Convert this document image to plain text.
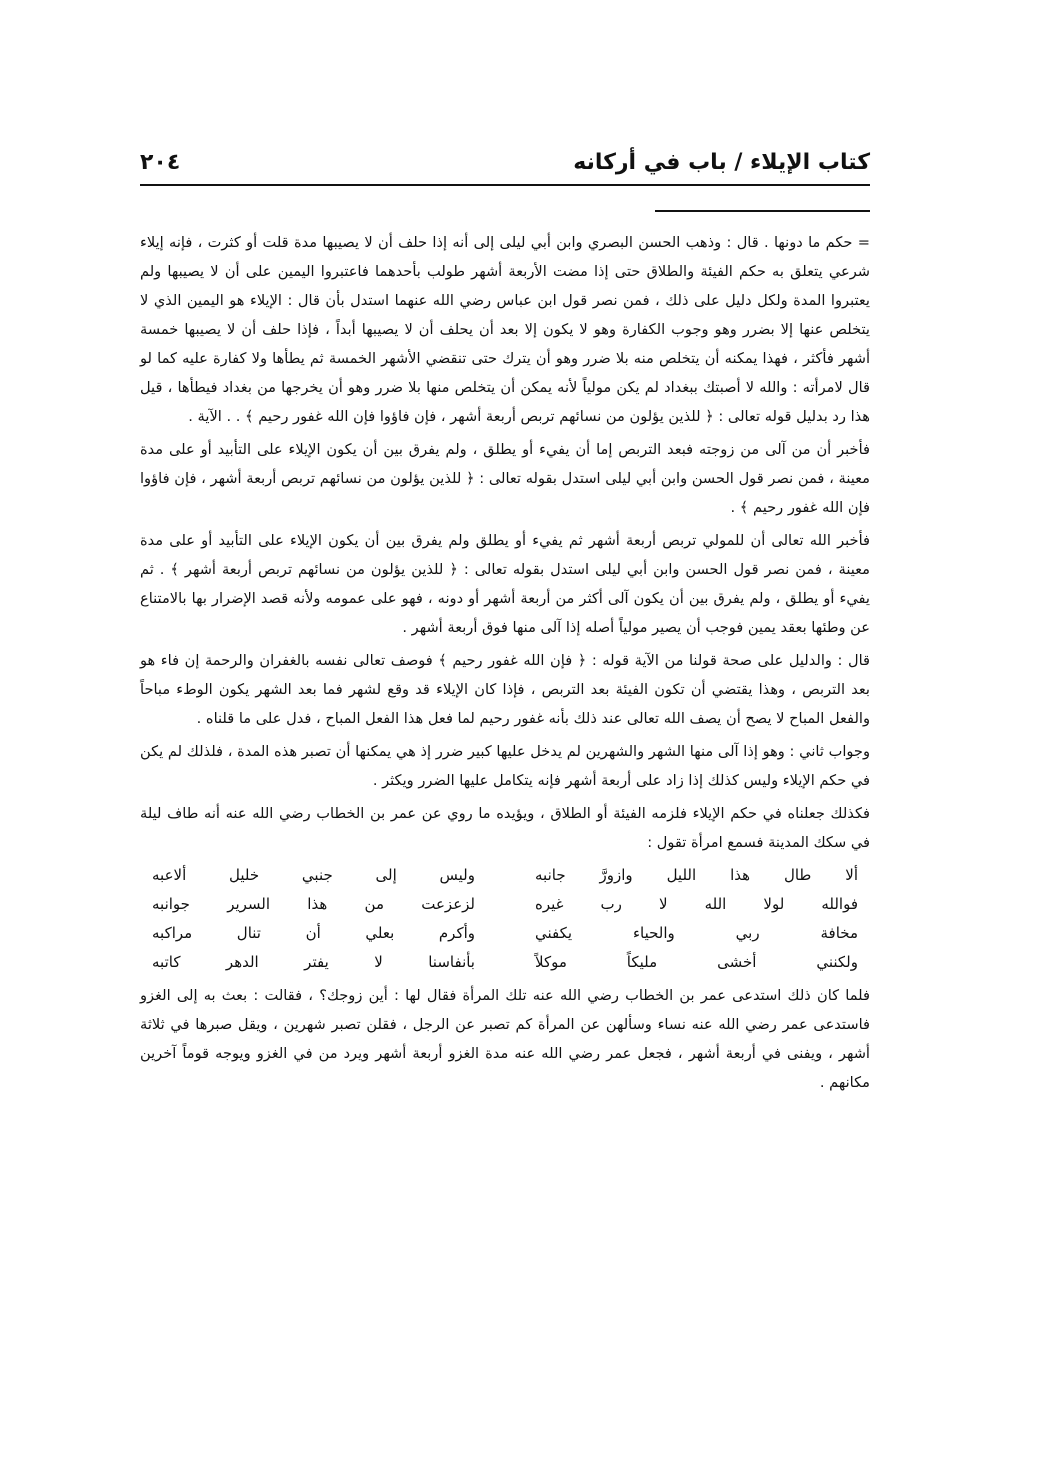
كتاب الإيلاء / باب في أركانه
٢٠٤

= حكم ما دونها . قال : وذهب الحسن البصري وابن أبي ليلى إلى أنه إذا حلف أن لا يصيبها مدة قلت أو كثرت ، فإنه إيلاء شرعي يتعلق به حكم الفيئة والطلاق حتى إذا مضت الأربعة أشهر طولب بأحدهما فاعتبروا اليمين على أن لا يصيبها ولم يعتبروا المدة ولكل دليل على ذلك ، فمن نصر قول ابن عباس رضي الله عنهما استدل بأن قال : الإيلاء هو اليمين الذي لا يتخلص عنها إلا بضرر وهو وجوب الكفارة وهو لا يكون إلا بعد أن يحلف أن لا يصيبها أبداً ، فإذا حلف أن لا يصيبها خمسة أشهر فأكثر ، فهذا يمكنه أن يتخلص منه بلا ضرر وهو أن يترك حتى تنقضي الأشهر الخمسة ثم يطأها ولا كفارة عليه كما لو قال لامرأته : والله لا أصبتك ببغداد لم يكن مولياً لأنه يمكن أن يتخلص منها بلا ضرر وهو أن يخرجها من بغداد فيطأها ، قيل هذا رد بدليل قوله تعالى : ﴿ للذين يؤلون من نسائهم تربص أربعة أشهر ، فإن فاؤوا فإن الله غفور رحيم ﴾ . . الآية .

فأخبر أن من آلى من زوجته فبعد التربص إما أن يفيء أو يطلق ، ولم يفرق بين أن يكون الإيلاء على التأبيد أو على مدة معينة ، فمن نصر قول الحسن وابن أبي ليلى استدل بقوله تعالى : ﴿ للذين يؤلون من نسائهم تربص أربعة أشهر ، فإن فاؤوا فإن الله غفور رحيم ﴾ .

فأخبر الله تعالى أن للمولي تربص أربعة أشهر ثم يفيء أو يطلق ولم يفرق بين أن يكون الإيلاء على التأبيد أو على مدة معينة ، فمن نصر قول الحسن وابن أبي ليلى استدل بقوله تعالى : ﴿ للذين يؤلون من نسائهم تربص أربعة أشهر ﴾ . ثم يفيء أو يطلق ، ولم يفرق بين أن يكون آلى أكثر من أربعة أشهر أو دونه ، فهو على عمومه ولأنه قصد الإضرار بها بالامتناع عن وطئها بعقد يمين فوجب أن يصير مولياً أصله إذا آلى منها فوق أربعة أشهر .

قال : والدليل على صحة قولنا من الآية قوله : ﴿ فإن الله غفور رحيم ﴾ فوصف تعالى نفسه بالغفران والرحمة إن فاء هو بعد التربص ، وهذا يقتضي أن تكون الفيئة بعد التربص ، فإذا كان الإيلاء قد وقع لشهر فما بعد الشهر يكون الوطء مباحاً والفعل المباح لا يصح أن يصف الله تعالى عند ذلك بأنه غفور رحيم لما فعل هذا الفعل المباح ، فدل على ما قلناه .

وجواب ثاني : وهو إذا آلى منها الشهر والشهرين لم يدخل عليها كبير ضرر إذ هي يمكنها أن تصبر هذه المدة ، فلذلك لم يكن في حكم الإيلاء وليس كذلك إذا زاد على أربعة أشهر فإنه يتكامل عليها الضرر ويكثر .

فكذلك جعلناه في حكم الإيلاء فلزمه الفيئة أو الطلاق ، ويؤيده ما روي عن عمر بن الخطاب رضي الله عنه أنه طاف ليلة في سكك المدينة فسمع امرأة تقول :

ألا طال هذا الليل وازورَّ جانبه
وليس إلى جنبي خليل ألاعبه
فوالله لولا الله لا رب غيره
لزعزعت من هذا السرير جوانبه
مخافة ربي والحياء يكفني
وأكرم بعلي أن تنال مراكبه
ولكنني أخشى مليكاً موكلاً
بأنفاسنا لا يفتر الدهر كاتبه

فلما كان ذلك استدعى عمر بن الخطاب رضي الله عنه تلك المرأة فقال لها : أين زوجك؟ ، فقالت : بعث به إلى الغزو فاستدعى عمر رضي الله عنه نساء وسألهن عن المرأة كم تصبر عن الرجل ، فقلن تصبر شهرين ، ويقل صبرها في ثلاثة أشهر ، ويفنى في أربعة أشهر ، فجعل عمر رضي الله عنه مدة الغزو أربعة أشهر ويرد من في الغزو ويوجه قوماً آخرين مكانهم .
